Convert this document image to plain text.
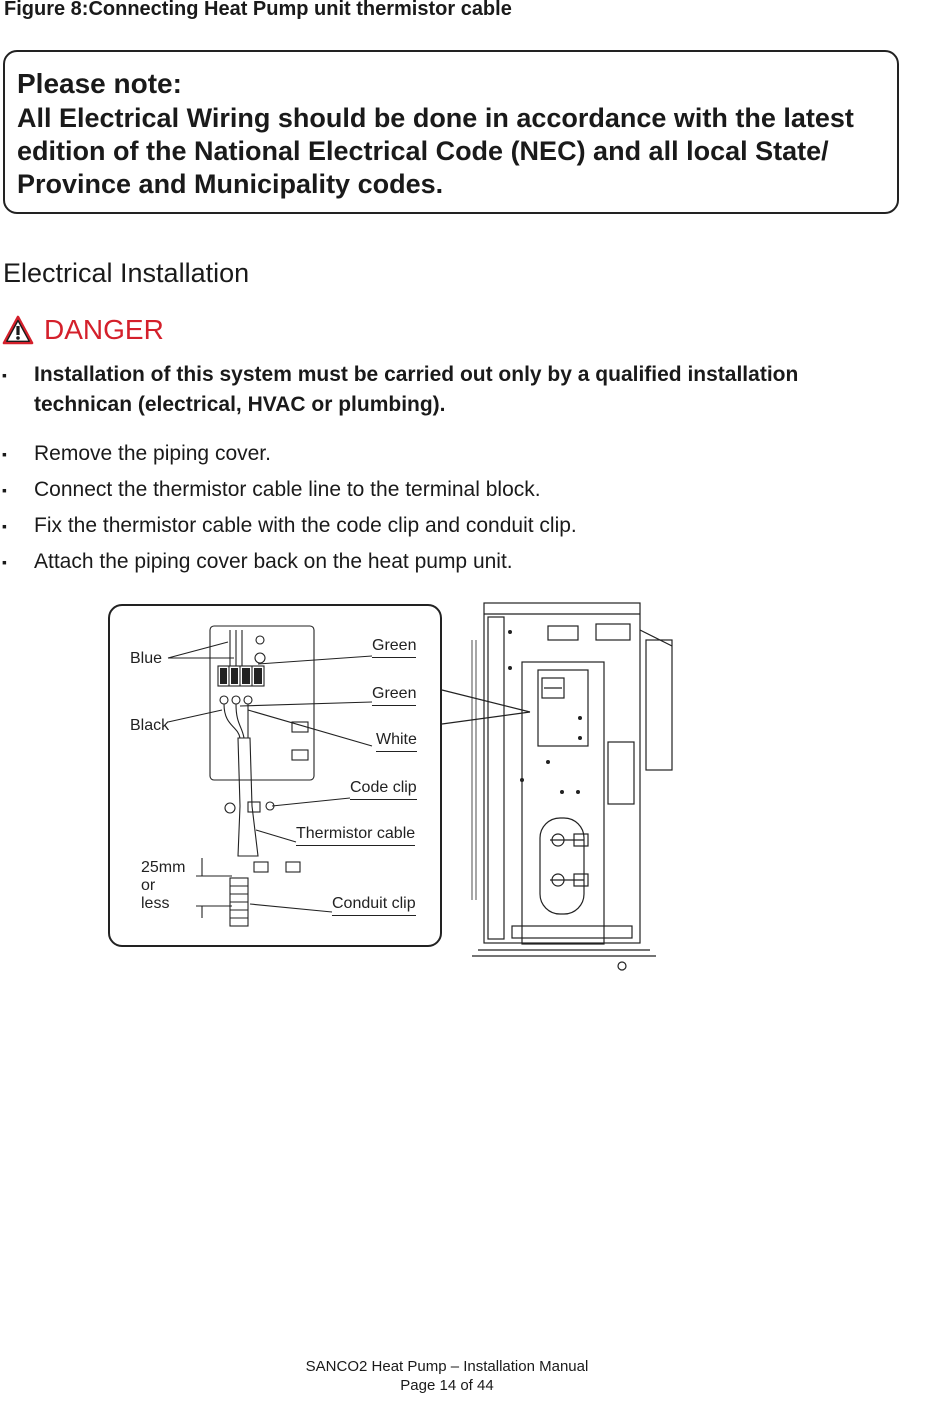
Figure 8:Connecting Heat Pump unit thermistor cable

Please note:

All Electrical Wiring should be done in accordance with the latest edition of the National Electrical Code (NEC) and all local State/ Province and Municipality codes.

Electrical Installation
DANGER
▪ Installation of this system must be carried out only by a qualified installation technican (electrical, HVAC or plumbing).
▪ Remove the piping cover.
▪ Connect the thermistor cable line to the terminal block.
▪ Fix the thermistor cable with the code clip and conduit clip.
▪ Attach the piping cover back on the heat pump unit.
Blue
Black
Green
Green
White
Code clip
Thermistor cable
25mm
or
less	Conduit clip
SANCO2 Heat Pump – Installation Manual
Page 14 of 44
